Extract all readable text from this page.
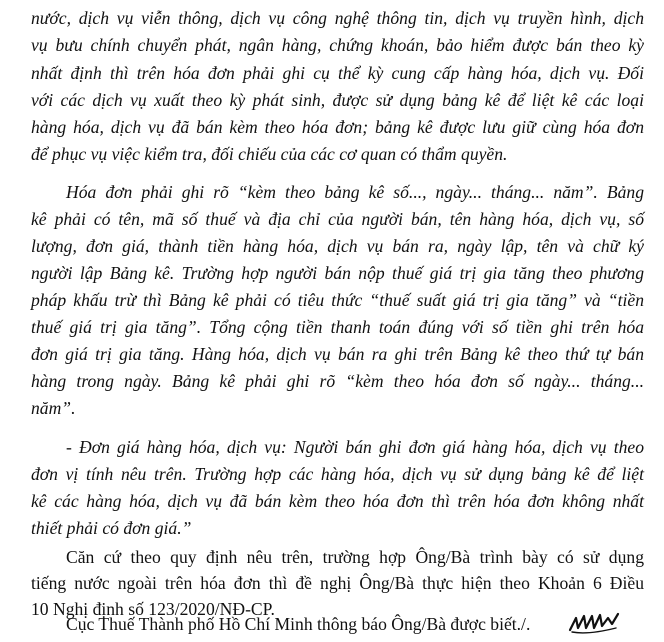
nước, dịch vụ viễn thông, dịch vụ công nghệ thông tin, dịch vụ truyền hình, dịch
vụ bưu chính chuyển phát, ngân hàng, chứng khoán, bảo hiểm được bán theo kỳ
nhất định thì trên hóa đơn phải ghi cụ thể kỳ cung cấp hàng hóa, dịch vụ. Đối
với các dịch vụ xuất theo kỳ phát sinh, được sử dụng bảng kê để liệt kê các loại
hàng hóa, dịch vụ đã bán kèm theo hóa đơn; bảng kê được lưu giữ cùng hóa đơn
để phục vụ việc kiểm tra, đối chiếu của các cơ quan có thẩm quyền.
Hóa đơn phải ghi rõ “kèm theo bảng kê số..., ngày... tháng... năm”. Bảng
kê phải có tên, mã số thuế và địa chỉ của người bán, tên hàng hóa, dịch vụ, số
lượng, đơn giá, thành tiền hàng hóa, dịch vụ bán ra, ngày lập, tên và chữ ký
người lập Bảng kê. Trường hợp người bán nộp thuế giá trị gia tăng theo phương
pháp khấu trừ thì Bảng kê phải có tiêu thức “thuế suất giá trị gia tăng” và “tiền
thuế giá trị gia tăng”. Tổng cộng tiền thanh toán đúng với số tiền ghi trên hóa
đơn giá trị gia tăng. Hàng hóa, dịch vụ bán ra ghi trên Bảng kê theo thứ tự bán
hàng trong ngày. Bảng kê phải ghi rõ “kèm theo hóa đơn số ngày... tháng...
năm”.
- Đơn giá hàng hóa, dịch vụ: Người bán ghi đơn giá hàng hóa, dịch vụ theo
đơn vị tính nêu trên. Trường hợp các hàng hóa, dịch vụ sử dụng bảng kê để liệt
kê các hàng hóa, dịch vụ đã bán kèm theo hóa đơn thì trên hóa đơn không nhất
thiết phải có đơn giá.”
Căn cứ theo quy định nêu trên, trường hợp Ông/Bà trình bày có sử dụng
tiếng nước ngoài trên hóa đơn thì đề nghị Ông/Bà thực hiện theo Khoản 6 Điều
10 Nghị định số 123/2020/NĐ-CP.
Cục Thuế Thành phố Hồ Chí Minh thông báo Ông/Bà được biết./.
